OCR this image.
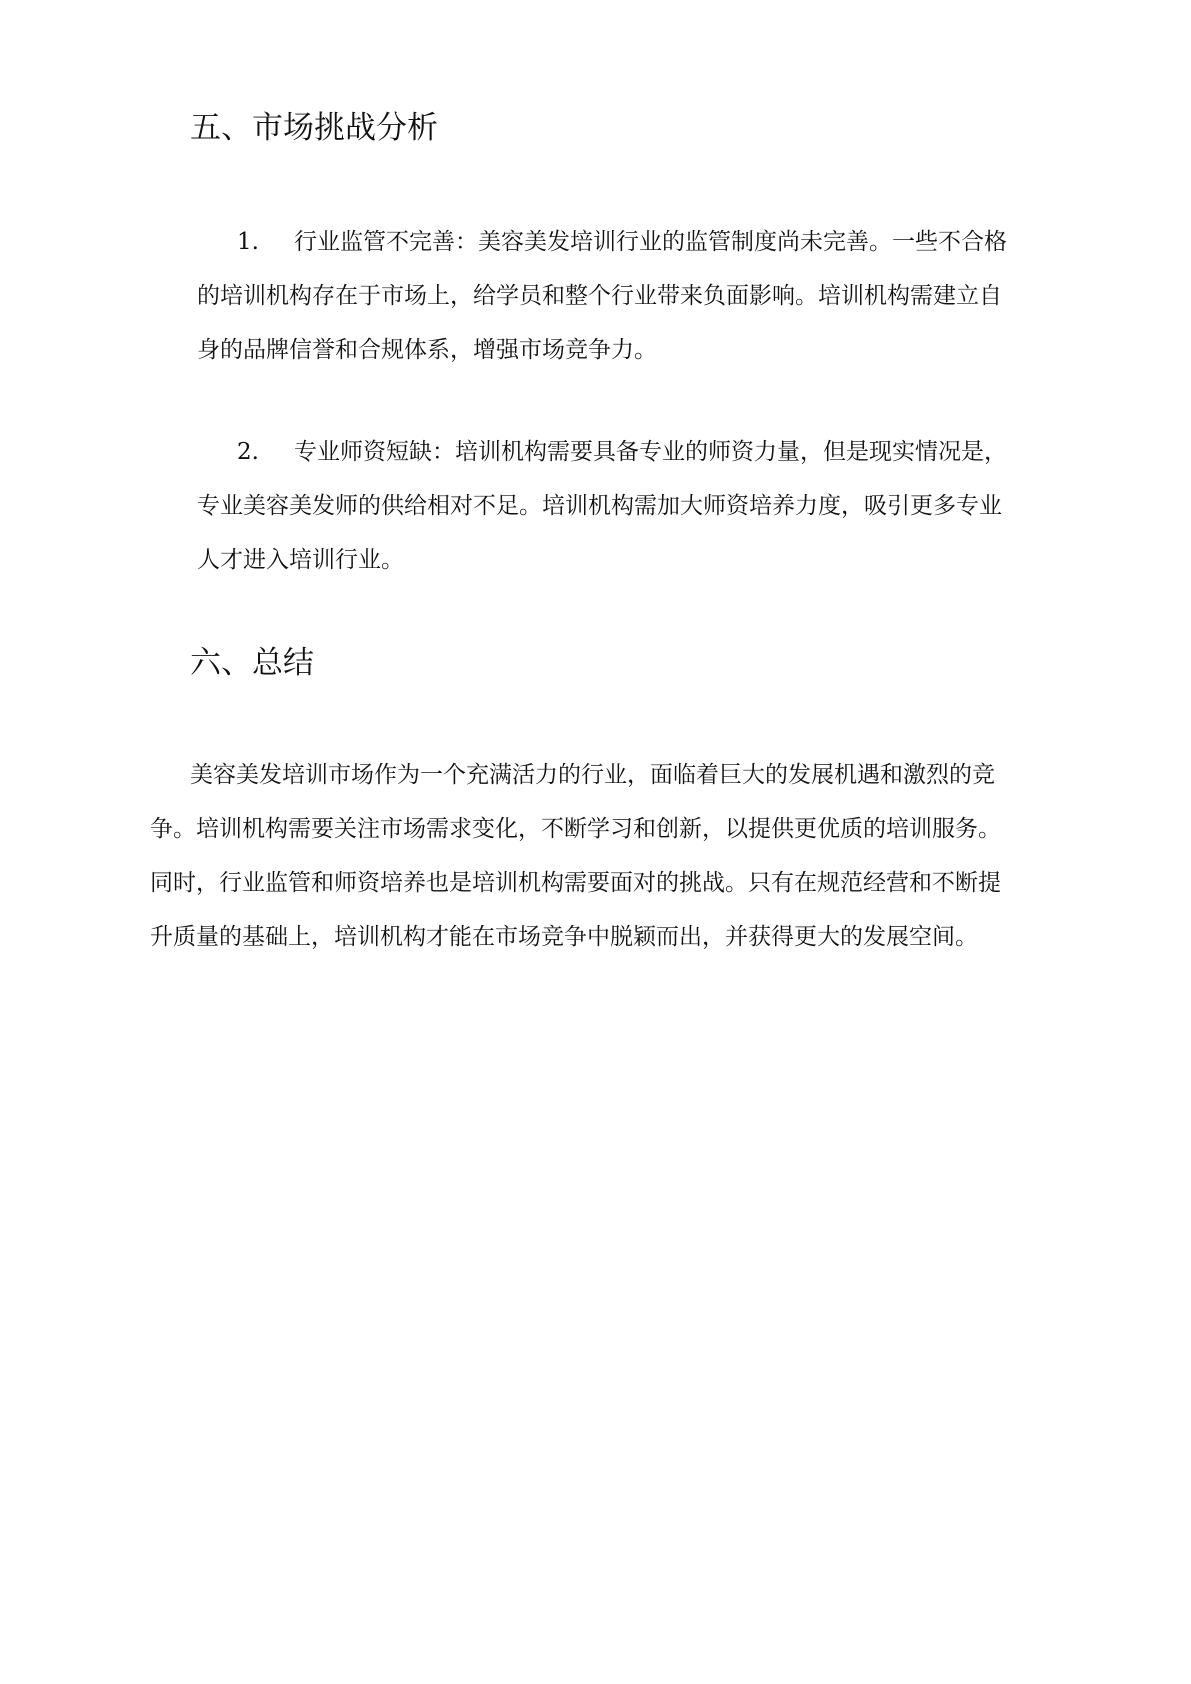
五、市场挑战分析
1. 行业监管不完善：美容美发培训行业的监管制度尚未完善。一些不合格
的培训机构存在于市场上，给学员和整个行业带来负面影响。培训机构需建立自
身的品牌信誉和合规体系，增强市场竞争力。
2. 专业师资短缺：培训机构需要具备专业的师资力量，但是现实情况是，
专业美容美发师的供给相对不足。培训机构需加大师资培养力度，吸引更多专业
人才进入培训行业。
六、总结
美容美发培训市场作为一个充满活力的行业，面临着巨大的发展机遇和激烈的竞
争。培训机构需要关注市场需求变化，不断学习和创新，以提供更优质的培训服务。
同时，行业监管和师资培养也是培训机构需要面对的挑战。只有在规范经营和不断提
升质量的基础上，培训机构才能在市场竞争中脱颖而出，并获得更大的发展空间。
